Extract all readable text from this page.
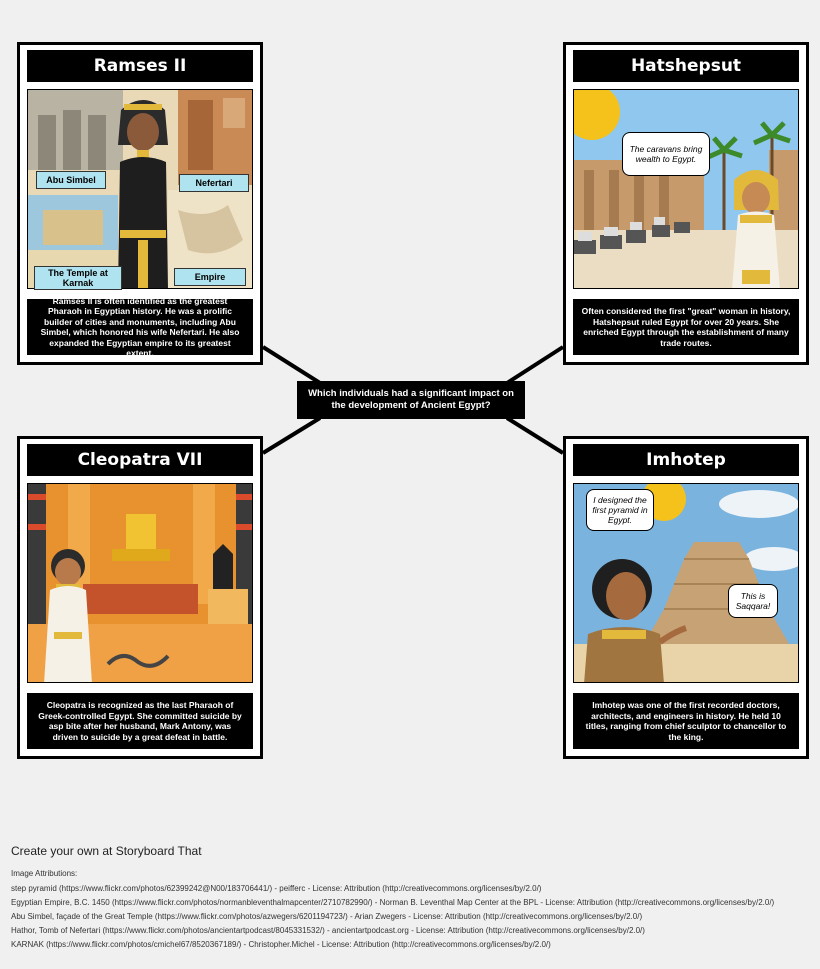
Ramses II
Abu Simbel	Nefertari
The Temple at Karnak
Empire
Ramses II is often identified as the greatest Pharaoh in Egyptian history. He was a prolific builder of cities and monuments, including Abu Simbel, which honored his wife Nefertari. He also expanded the Egyptian empire to its greatest extent.
Hatshepsut
The caravans bring wealth to Egypt.
Often considered the first "great" woman in history, Hatshepsut ruled Egypt for over 20 years. She enriched Egypt through the establishment of many trade routes.
Cleopatra VII
Cleopatra is recognized as the last Pharaoh of Greek-controlled Egypt. She committed suicide by asp bite after her husband, Mark Antony, was driven to suicide by a great defeat in battle.
Imhotep
I designed the first pyramid in Egypt.
This is Saqqara!
Imhotep was one of the first recorded doctors, architects, and engineers in history. He held 10 titles, ranging from chief sculptor to chancellor to the king.
Which individuals had a significant impact on the development of Ancient Egypt?
Create your own at Storyboard That
Image Attributions:
step pyramid (https://www.flickr.com/photos/62399242@N00/183706441/) - peifferc - License: Attribution (http://creativecommons.org/licenses/by/2.0/)
Egyptian Empire, B.C. 1450 (https://www.flickr.com/photos/normanbleventhalmapcenter/2710782990/) - Norman B. Leventhal Map Center at the BPL - License: Attribution (http://creativecommons.org/licenses/by/2.0/)
Abu Simbel, façade of the Great Temple (https://www.flickr.com/photos/azwegers/6201194723/) - Arian Zwegers - License: Attribution (http://creativecommons.org/licenses/by/2.0/)
Hathor, Tomb of Nefertari (https://www.flickr.com/photos/ancientartpodcast/8045331532/) - ancientartpodcast.org - License: Attribution (http://creativecommons.org/licenses/by/2.0/)
KARNAK (https://www.flickr.com/photos/cmichel67/8520367189/) - Christopher.Michel - License: Attribution (http://creativecommons.org/licenses/by/2.0/)
